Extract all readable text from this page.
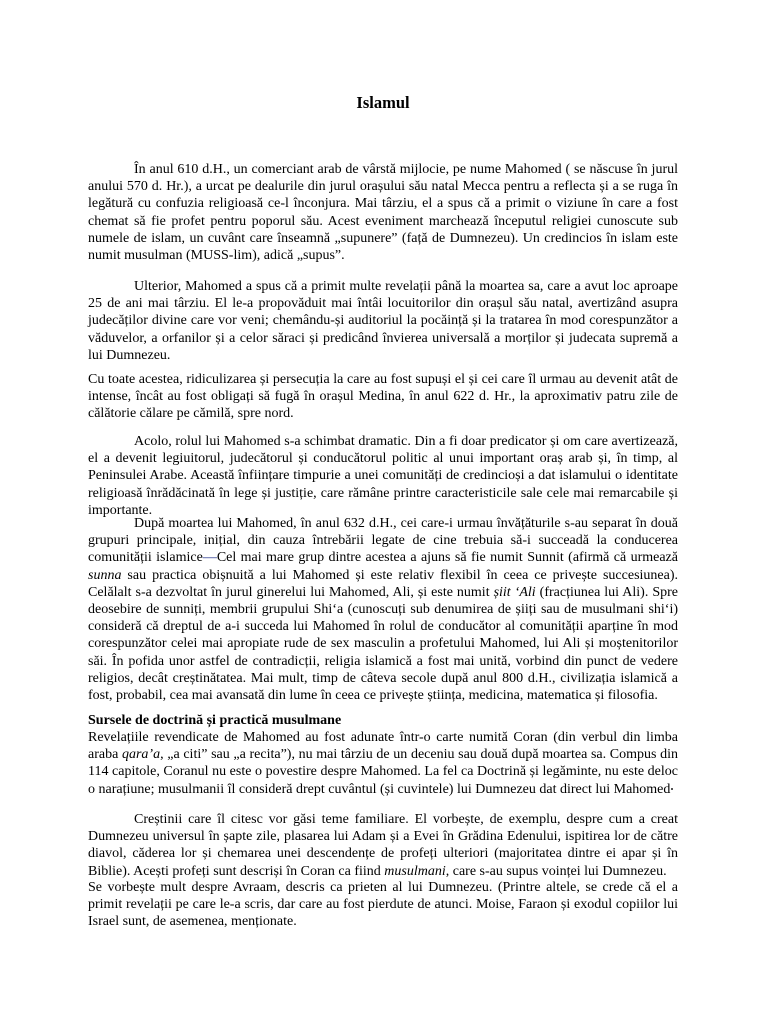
Islamul

În anul 610 d.H., un comerciant arab de vârstă mijlocie, pe nume Mahomed ( se născuse în jurul anului 570 d. Hr.), a urcat pe dealurile din jurul orașului său natal Mecca pentru a reflecta și a se ruga în legătură cu confuzia religioasă ce-l înconjura. Mai târziu, el a spus că a primit o viziune în care a fost chemat să fie profet pentru poporul său. Acest eveniment marchează începutul religiei cunoscute sub numele de islam, un cuvânt care înseamnă „supunere” (față de Dumnezeu). Un credincios în islam este numit musulman (MUSS-lim), adică „supus”.

Ulterior, Mahomed a spus că a primit multe revelații până la moartea sa, care a avut loc aproape 25 de ani mai târziu. El le-a propovăduit mai întâi locuitorilor din orașul său natal, avertizând asupra judecăților divine care vor veni; chemându-și auditoriul la pocăință și la tratarea în mod corespunzător a văduvelor, a orfanilor și a celor săraci și predicând învierea universală a morților și judecata supremă a lui Dumnezeu.

Cu toate acestea, ridiculizarea și persecuția la care au fost supuși el și cei care îl urmau au devenit atât de intense, încât au fost obligați să fugă în orașul Medina, în anul 622 d. Hr., la aproximativ patru zile de călătorie călare pe cămilă, spre nord.

Acolo, rolul lui Mahomed s-a schimbat dramatic. Din a fi doar predicator și om care avertizează, el a devenit legiuitorul, judecătorul și conducătorul politic al unui important oraș arab și, în timp, al Peninsulei Arabe. Această înființare timpurie a unei comunități de credincioși a dat islamului o identitate religioasă înrădăcinată în lege și justiție, care rămâne printre caracteristicile sale cele mai remarcabile și importante.

După moartea lui Mahomed, în anul 632 d.H., cei care-i urmau învățăturile s-au separat în două grupuri principale, inițial, din cauza întrebării legate de cine trebuia să-i succeadă la conducerea comunității islamice—Cel mai mare grup dintre acestea a ajuns să fie numit Sunnit (afirmă că urmează sunna sau practica obișnuită a lui Mahomed și este relativ flexibil în ceea ce privește succesiunea). Celălalt s-a dezvoltat în jurul ginerelui lui Mahomed, Ali, și este numit șiit ‘Ali (fracțiunea lui Ali). Spre deosebire de sunniți, membrii grupului Shi‘a (cunoscuți sub denumirea de șiiți sau de musulmani shi‘i) consideră că dreptul de a-i succeda lui Mahomed în rolul de conducător al comunității aparține în mod corespunzător celei mai apropiate rude de sex masculin a profetului Mahomed, lui Ali și moștenitorilor săi. În pofida unor astfel de contradicții, religia islamică a fost mai unită, vorbind din punct de vedere religios, decât creștinătatea. Mai mult, timp de câteva secole după anul 800 d.H., civilizația islamică a fost, probabil, cea mai avansată din lume în ceea ce privește știința, medicina, matematica și filosofia.

Sursele de doctrină și practică musulmane

Revelațiile revendicate de Mahomed au fost adunate într-o carte numită Coran (din verbul din limba araba qara’a, „a citi” sau „a recita”), nu mai târziu de un deceniu sau două după moartea sa. Compus din 114 capitole, Coranul nu este o povestire despre Mahomed. La fel ca Doctrină și legăminte, nu este deloc o narațiune; musulmanii îl consideră drept cuvântul (și cuvintele) lui Dumnezeu dat direct lui Mahomed

Creștinii care îl citesc vor găsi teme familiare. El vorbește, de exemplu, despre cum a creat Dumnezeu universul în șapte zile, plasarea lui Adam și a Evei în Grădina Edenului, ispitirea lor de către diavol, căderea lor și chemarea unei descendențe de profeți ulteriori (majoritatea dintre ei apar și în Biblie). Acești profeți sunt descriși în Coran ca fiind musulmani, care s-au supus voinței lui Dumnezeu.

Se vorbește mult despre Avraam, descris ca prieten al lui Dumnezeu. (Printre altele, se crede că el a primit revelații pe care le-a scris, dar care au fost pierdute de atunci. Moise, Faraon și exodul copiilor lui Israel sunt, de asemenea, menționate.
